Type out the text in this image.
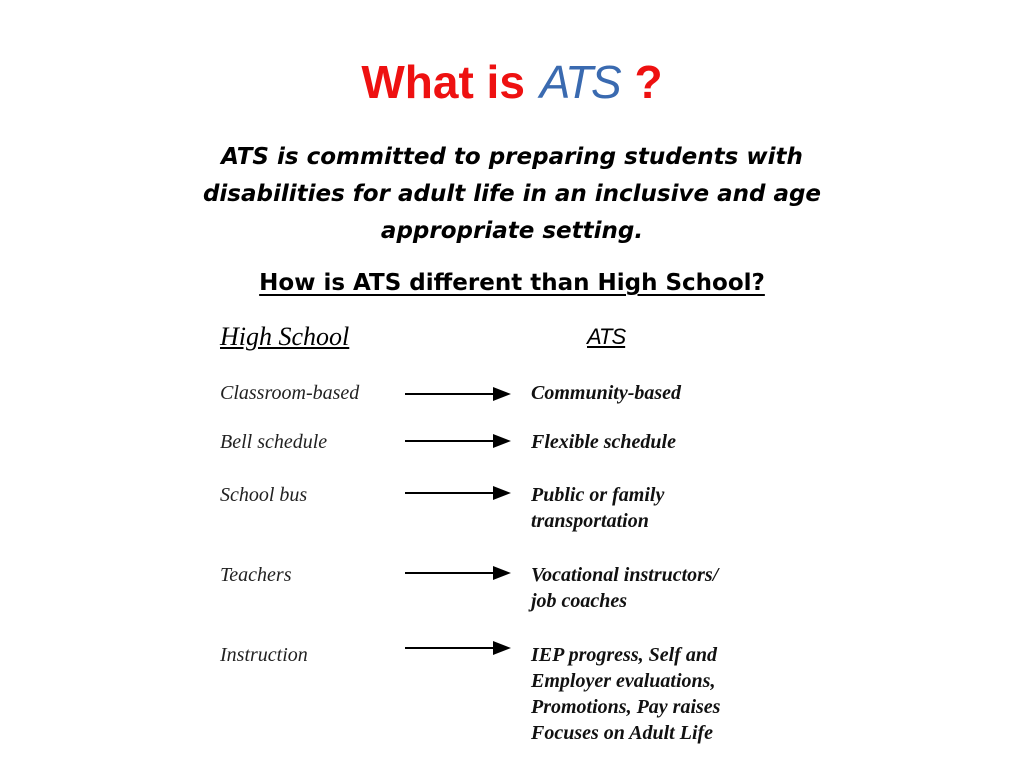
What is ATS ?
ATS is committed to preparing students with disabilities for adult life in an inclusive and age appropriate setting.
How is ATS different than High School?
High School	ATS
Classroom-based	Community-based
Bell schedule	Flexible schedule
School bus	Public or family
transportation
Teachers	Vocational instructors/
job coaches
Instruction	IEP progress, Self and
Employer evaluations,
Promotions, Pay raises
Focuses on Adult Life
